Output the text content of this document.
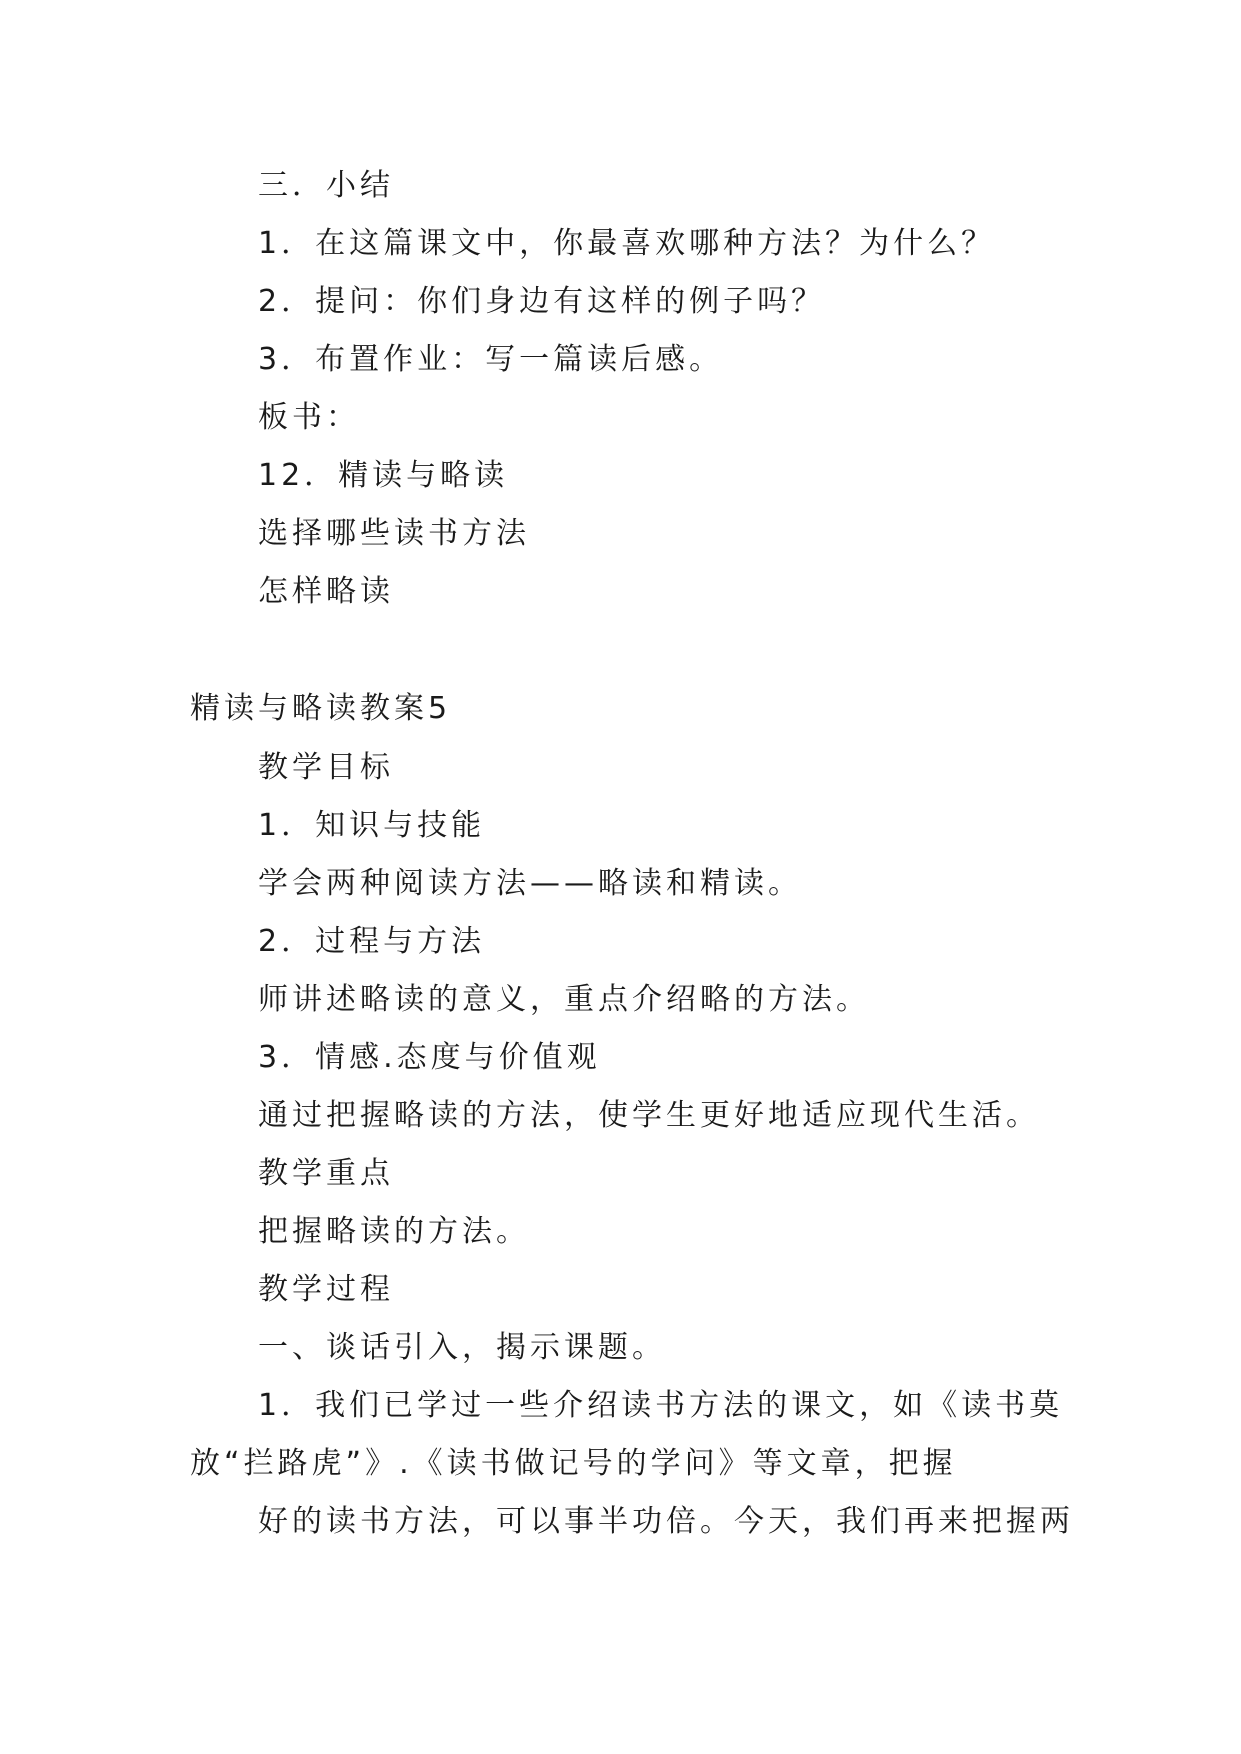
三．小结
1．在这篇课文中，你最喜欢哪种方法？为什么？
2．提问：你们身边有这样的例子吗？
3．布置作业：写一篇读后感。
板书：
12．精读与略读
选择哪些读书方法
怎样略读
精读与略读教案5
教学目标
1．知识与技能
学会两种阅读方法——略读和精读。
2．过程与方法
师讲述略读的意义，重点介绍略的方法。
3．情感.态度与价值观
通过把握略读的方法，使学生更好地适应现代生活。
教学重点
把握略读的方法。
教学过程
一、谈话引入，揭示课题。
1．我们已学过一些介绍读书方法的课文，如《读书莫
放“拦路虎”》.《读书做记号的学问》等文章，把握
好的读书方法，可以事半功倍。今天，我们再来把握两
